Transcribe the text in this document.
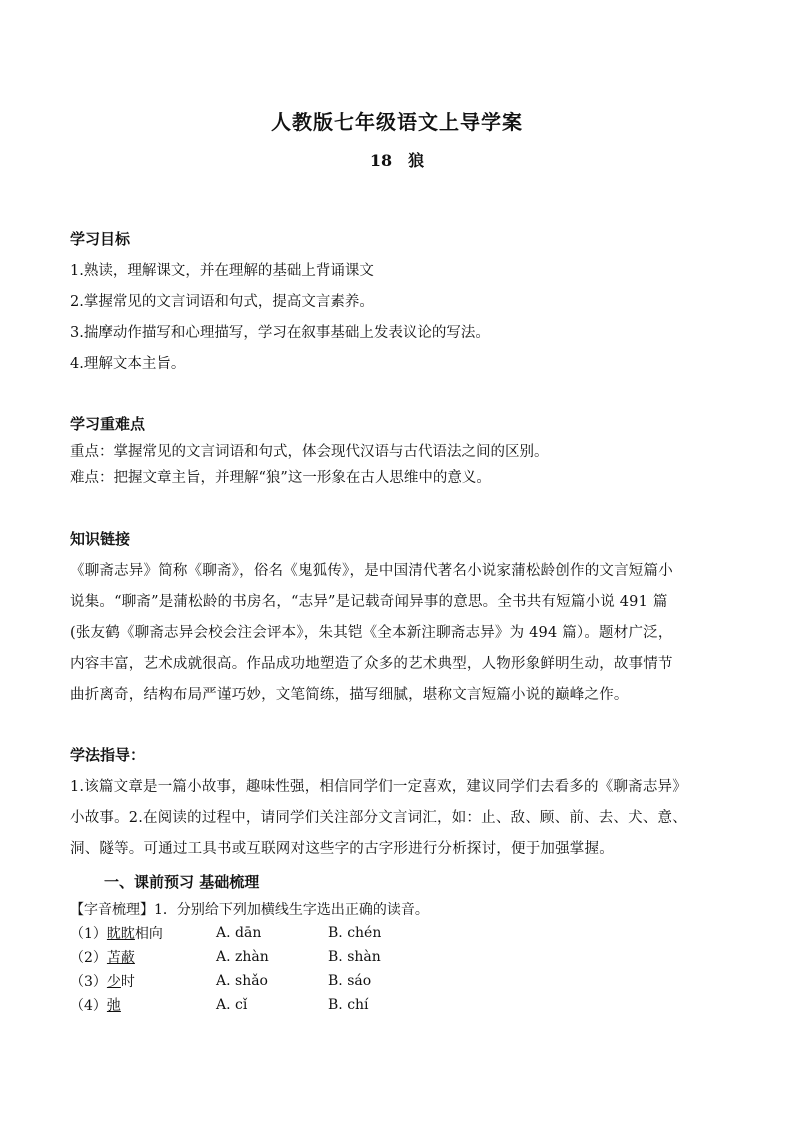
人教版七年级语文上导学案
18　狼
学习目标
1.熟读，理解课文，并在理解的基础上背诵课文
2.掌握常见的文言词语和句式，提高文言素养。
3.揣摩动作描写和心理描写，学习在叙事基础上发表议论的写法。
4.理解文本主旨。
学习重难点
重点：掌握常见的文言词语和句式，体会现代汉语与古代语法之间的区别。
难点：把握文章主旨，并理解“狼”这一形象在古人思维中的意义。
知识链接
《聊斋志异》简称《聊斋》，俗名《鬼狐传》，是中国清代著名小说家蒲松龄创作的文言短篇小
说集。“聊斋”是蒲松龄的书房名，“志异”是记载奇闻异事的意思。全书共有短篇小说 491 篇
(张友鹤《聊斋志异会校会注会评本》，朱其铠《全本新注聊斋志异》为 494 篇）。题材广泛，
内容丰富，艺术成就很高。作品成功地塑造了众多的艺术典型，人物形象鲜明生动，故事情节
曲折离奇，结构布局严谨巧妙，文笔简练，描写细腻，堪称文言短篇小说的巅峰之作。
学法指导：
1.该篇文章是一篇小故事，趣味性强，相信同学们一定喜欢，建议同学们去看多的《聊斋志异》
小故事。2.在阅读的过程中，请同学们关注部分文言词汇，如：止、敌、顾、前、去、犬、意、
洞、隧等。可通过工具书或互联网对这些字的古字形进行分析探讨，便于加强掌握。
一、课前预习 基础梳理
【字音梳理】1．分别给下列加横线生字选出正确的读音。
（1）眈眈相向	A. dān	B. chén
（2）苫蔽	A. zhàn	B. shàn
（3）少时	A. shǎo	B. sáo
（4）弛	A. cǐ	B. chí
